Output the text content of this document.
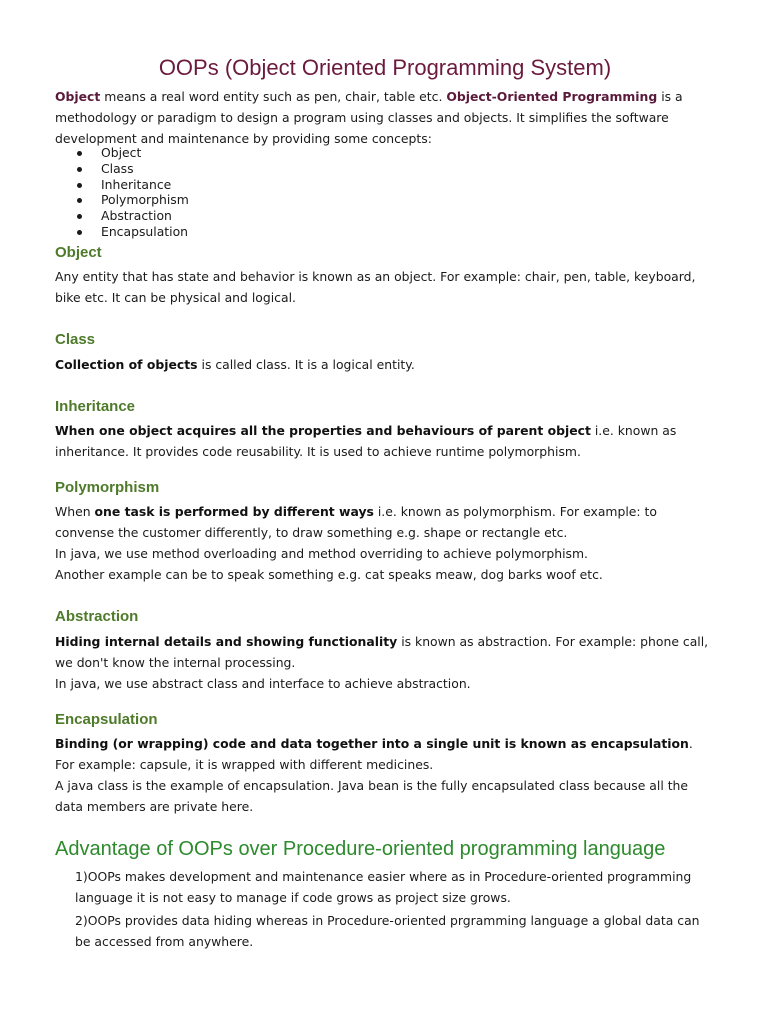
OOPs (Object Oriented Programming System)

Object means a real word entity such as pen, chair, table etc. Object-Oriented Programming is a methodology or paradigm to design a program using classes and objects. It simplifies the software development and maintenance by providing some concepts:

Object
Class
Inheritance
Polymorphism
Abstraction
Encapsulation
Object

Any entity that has state and behavior is known as an object. For example: chair, pen, table, keyboard, bike etc. It can be physical and logical.

Class

Collection of objects is called class. It is a logical entity.

Inheritance

When one object acquires all the properties and behaviours of parent object i.e. known as inheritance. It provides code reusability. It is used to achieve runtime polymorphism.

Polymorphism
When one task is performed by different ways i.e. known as polymorphism. For example: to convense the customer differently, to draw something e.g. shape or rectangle etc.
In java, we use method overloading and method overriding to achieve polymorphism.
Another example can be to speak something e.g. cat speaks meaw, dog barks woof etc.
Abstraction
Hiding internal details and showing functionality is known as abstraction. For example: phone call, we don't know the internal processing.
In java, we use abstract class and interface to achieve abstraction.
Encapsulation
Binding (or wrapping) code and data together into a single unit is known as encapsulation. For example: capsule, it is wrapped with different medicines.
A java class is the example of encapsulation. Java bean is the fully encapsulated class because all the data members are private here.
Advantage of OOPs over Procedure-oriented programming language

1)OOPs makes development and maintenance easier where as in Procedure-oriented programming language it is not easy to manage if code grows as project size grows.

2)OOPs provides data hiding whereas in Procedure-oriented prgramming language a global data can be accessed from anywhere.
